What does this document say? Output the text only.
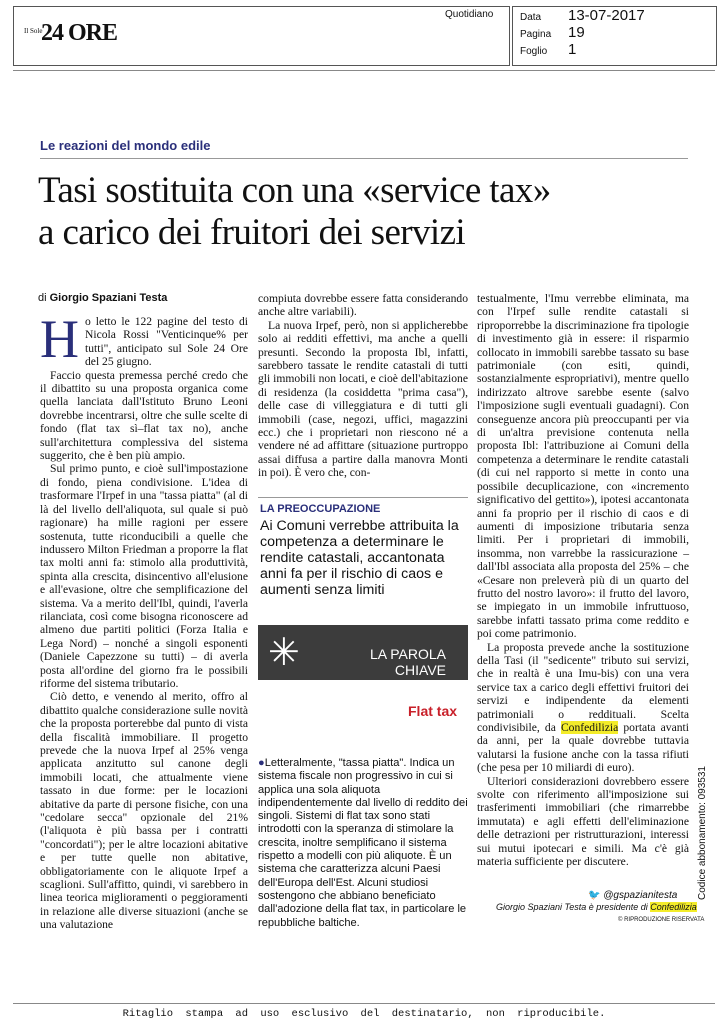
Il Sole
24 ORE
Quotidiano	Data 13-07-2017
Pagina 19
Foglio 1
Codice abbonamento: 093531
Le reazioni del mondo edile
Tasi sostituita con una «service tax»
a carico dei fruitori dei servizi
di Giorgio Spaziani Testa

Ho letto le 122 pagine del testo di Nicola Rossi "Venticinque% per tutti", anticipato sul Sole 24 Ore del 25 giugno.

Faccio questa premessa perché credo che il dibattito su una proposta organica come quella lanciata dall'Istituto Bruno Leoni dovrebbe incentrarsi, oltre che sulle scelte di fondo (flat tax sì–flat tax no), anche sull'architettura complessiva del sistema suggerito, che è ben più ampio.

Sul primo punto, e cioè sull'impostazione di fondo, piena condivisione. L'idea di trasformare l'Irpef in una "tassa piatta" (al di là del livello dell'aliquota, sul quale si può ragionare) ha mille ragioni per essere sostenuta, tutte riconducibili a quelle che indussero Milton Friedman a proporre la flat tax molti anni fa: stimolo alla produttività, spinta alla crescita, disincentivo all'elusione e all'evasione, oltre che semplificazione del sistema. Va a merito dell'Ibl, quindi, l'averla rilanciata, così come bisogna riconoscere ad almeno due partiti politici (Forza Italia e Lega Nord) – nonché a singoli esponenti (Daniele Capezzone su tutti) – di averla posta all'ordine del giorno fra le possibili riforme del sistema tributario.

Ciò detto, e venendo al merito, offro al dibattito qualche considerazione sulle novità che la proposta porterebbe dal punto di vista della fiscalità immobiliare. Il progetto prevede che la nuova Irpef al 25% venga applicata anzitutto sul canone degli immobili locati, che attualmente viene tassato in due forme: per le locazioni abitative da parte di persone fisiche, con una "cedolare secca" opzionale del 21% (l'aliquota è più bassa per i contratti "concordati"); per le altre locazioni abitative e per tutte quelle non abitative, obbligatoriamente con le aliquote Irpef a scaglioni. Sull'affitto, quindi, vi sarebbero in linea teorica miglioramenti o peggioramenti in relazione alle diverse situazioni (anche se una valutazione

compiuta dovrebbe essere fatta considerando anche altre variabili).

La nuova Irpef, però, non si applicherebbe solo ai redditi effettivi, ma anche a quelli presunti. Secondo la proposta Ibl, infatti, sarebbero tassate le rendite catastali di tutti gli immobili non locati, e cioè dell'abitazione di residenza (la cosiddetta "prima casa"), delle case di villeggiatura e di tutti gli immobili (case, negozi, uffici, magazzini ecc.) che i proprietari non riescono né a vendere né ad affittare (situazione purtroppo assai diffusa a partire dalla manovra Monti in poi). È vero che, con-

LA PREOCCUPAZIONE
Ai Comuni verrebbe attribuita la competenza a determinare le rendite catastali, accantonata anni fa per il rischio di caos e aumenti senza limiti
✳	LA PAROLA
CHIAVE
Flat tax
●Letteralmente, "tassa piatta". Indica un sistema fiscale non progressivo in cui si applica una sola aliquota indipendentemente dal livello di reddito dei singoli. Sistemi di flat tax sono stati introdotti con la speranza di stimolare la crescita, inoltre semplificano il sistema rispetto a modelli con più aliquote. È un sistema che caratterizza alcuni Paesi dell'Europa dell'Est. Alcuni studiosi sostengono che abbiano beneficiato dall'adozione della flat tax, in particolare le repubbliche baltiche.

testualmente, l'Imu verrebbe eliminata, ma con l'Irpef sulle rendite catastali si riproporrebbe la discriminazione fra tipologie di investimento già in essere: il risparmio collocato in immobili sarebbe tassato su base patrimoniale (con esiti, quindi, sostanzialmente espropriativi), mentre quello indirizzato altrove sarebbe esente (salvo l'imposizione sugli eventuali guadagni). Con conseguenze ancora più preoccupanti per via di un'altra previsione contenuta nella proposta Ibl: l'attribuzione ai Comuni della competenza a determinare le rendite catastali (di cui nel rapporto si mette in conto una possibile decuplicazione, con «incremento significativo del gettito»), ipotesi accantonata anni fa proprio per il rischio di caos e di aumenti di imposizione tributaria senza limiti. Per i proprietari di immobili, insomma, non varrebbe la rassicurazione – dall'Ibl associata alla proposta del 25% – che «Cesare non preleverà più di un quarto del frutto del nostro lavoro»: il frutto del lavoro, se impiegato in un immobile infruttuoso, sarebbe infatti tassato prima come reddito e poi come patrimonio.

La proposta prevede anche la sostituzione della Tasi (il "sedicente" tributo sui servizi, che in realtà è una Imu-bis) con una vera service tax a carico degli effettivi fruitori dei servizi e indipendente da elementi patrimoniali o reddituali. Scelta condivisibile, da Confedilizia portata avanti da anni, per la quale dovrebbe tuttavia valutarsi la fusione anche con la tassa rifiuti (che pesa per 10 miliardi di euro).

Ulteriori considerazioni dovrebbero essere svolte con riferimento all'imposizione sui trasferimenti immobiliari (che rimarrebbe immutata) e agli effetti dell'eliminazione delle detrazioni per ristrutturazioni, interessi sui mutui ipotecari e simili. Ma c'è già materia sufficiente per discutere.

🐦 @gspazianitesta
Giorgio Spaziani Testa è presidente di Confedilizia
© RIPRODUZIONE RISERVATA
Ritaglio stampa ad uso esclusivo del destinatario, non riproducibile.
